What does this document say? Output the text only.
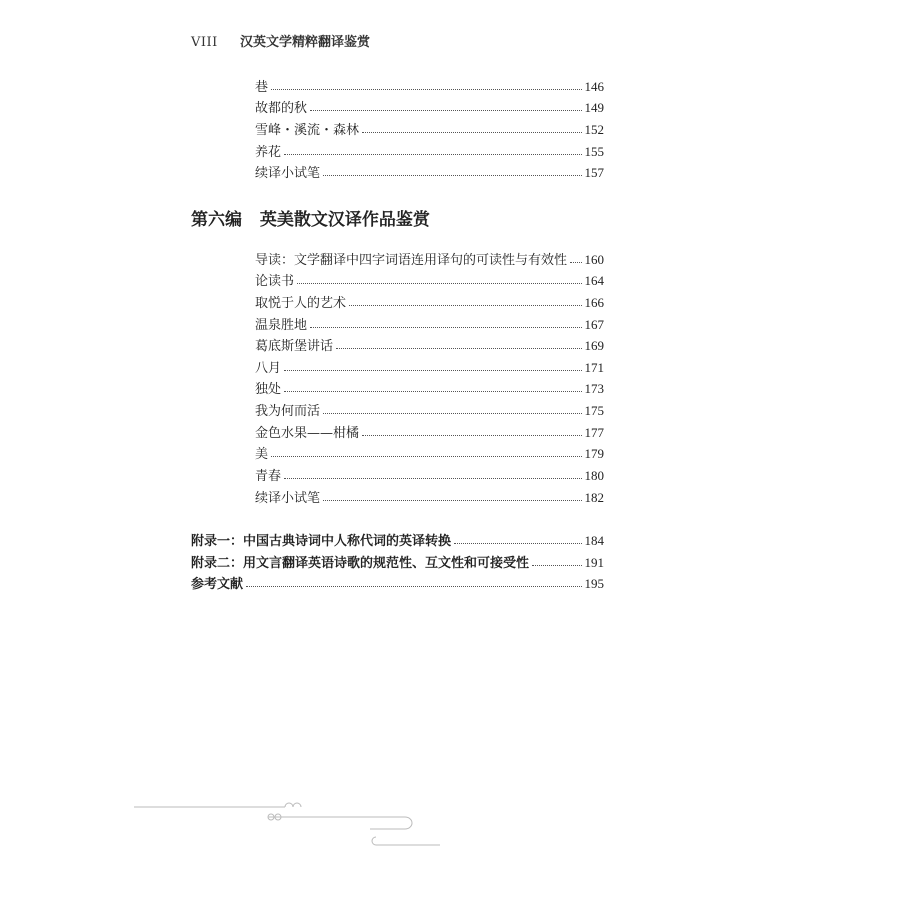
VIII 汉英文学精粹翻译鉴赏
巷	146
故都的秋	149
雪峰・溪流・森林	152
养花	155
续译小试笔	157
第六编 英美散文汉译作品鉴赏
导读：文学翻译中四字词语连用译句的可读性与有效性 160
论读书	164
取悦于人的艺术	166
温泉胜地	167
葛底斯堡讲话	169
八月	171
独处	173
我为何而活	175
金色水果——柑橘	177
美	179
青春	180
续译小试笔	182
附录一：中国古典诗词中人称代词的英译转换	184
附录二：用文言翻译英语诗歌的规范性、互文性和可接受性	191
参考文献	195
